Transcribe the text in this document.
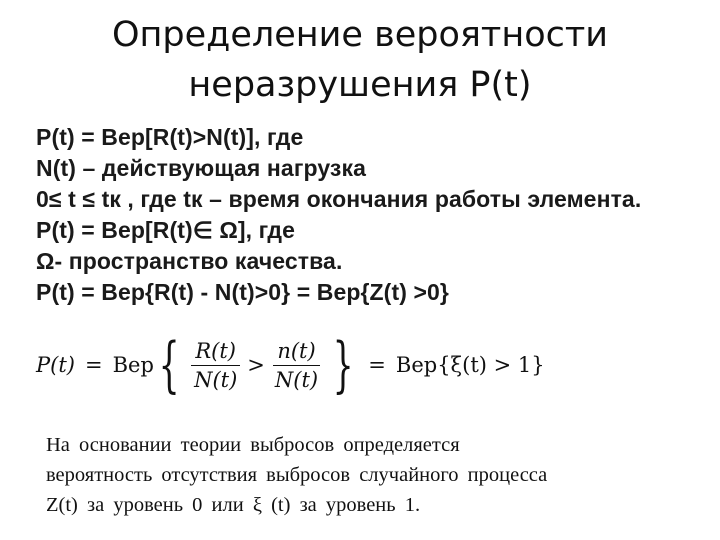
Определение вероятности
неразрушения P(t)
P(t) = Вер[R(t)>N(t)], где
N(t) – действующая нагрузка
0≤ t ≤ tк , где tк – время окончания работы элемента.
P(t) = Вер[R(t)∈ Ω], где
Ω- пространство качества.
P(t) = Вер{R(t) - N(t)>0} = Вер{Z(t) >0}
P(t) = Вер { $\frac{R(t)}{N(t)} > \frac{n(t)}{N(t)}$ } = Вер{ξ(t) > 1}
На основании теории выбросов определяется
вероятность отсутствия выбросов случайного процесса
Z(t) за уровень 0 или ξ (t) за уровень 1.
